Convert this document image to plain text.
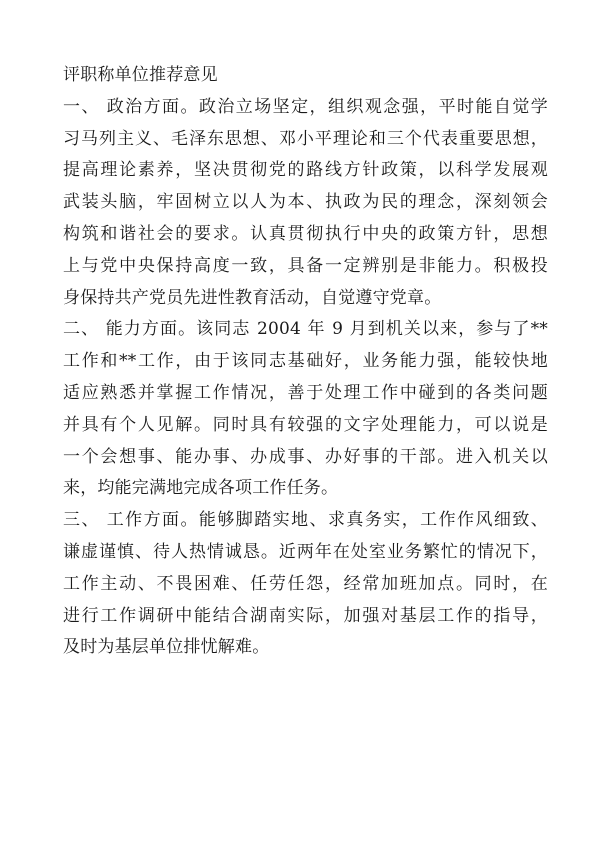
评职称单位推荐意见
一、 政治方面。政治立场坚定，组织观念强，平时能自觉学
习马列主义、毛泽东思想、邓小平理论和三个代表重要思想，
提高理论素养，坚决贯彻党的路线方针政策，以科学发展观
武装头脑，牢固树立以人为本、执政为民的理念，深刻领会
构筑和谐社会的要求。认真贯彻执行中央的政策方针，思想
上与党中央保持高度一致，具备一定辨别是非能力。积极投
身保持共产党员先进性教育活动，自觉遵守党章。
二、 能力方面。该同志 2004 年 9 月到机关以来，参与了**
工作和**工作，由于该同志基础好，业务能力强，能较快地
适应熟悉并掌握工作情况，善于处理工作中碰到的各类问题
并具有个人见解。同时具有较强的文字处理能力，可以说是
一个会想事、能办事、办成事、办好事的干部。进入机关以
来，均能完满地完成各项工作任务。
三、 工作方面。能够脚踏实地、求真务实，工作作风细致、
谦虚谨慎、待人热情诚恳。近两年在处室业务繁忙的情况下，
工作主动、不畏困难、任劳任怨，经常加班加点。同时，在
进行工作调研中能结合湖南实际，加强对基层工作的指导，
及时为基层单位排忧解难。
